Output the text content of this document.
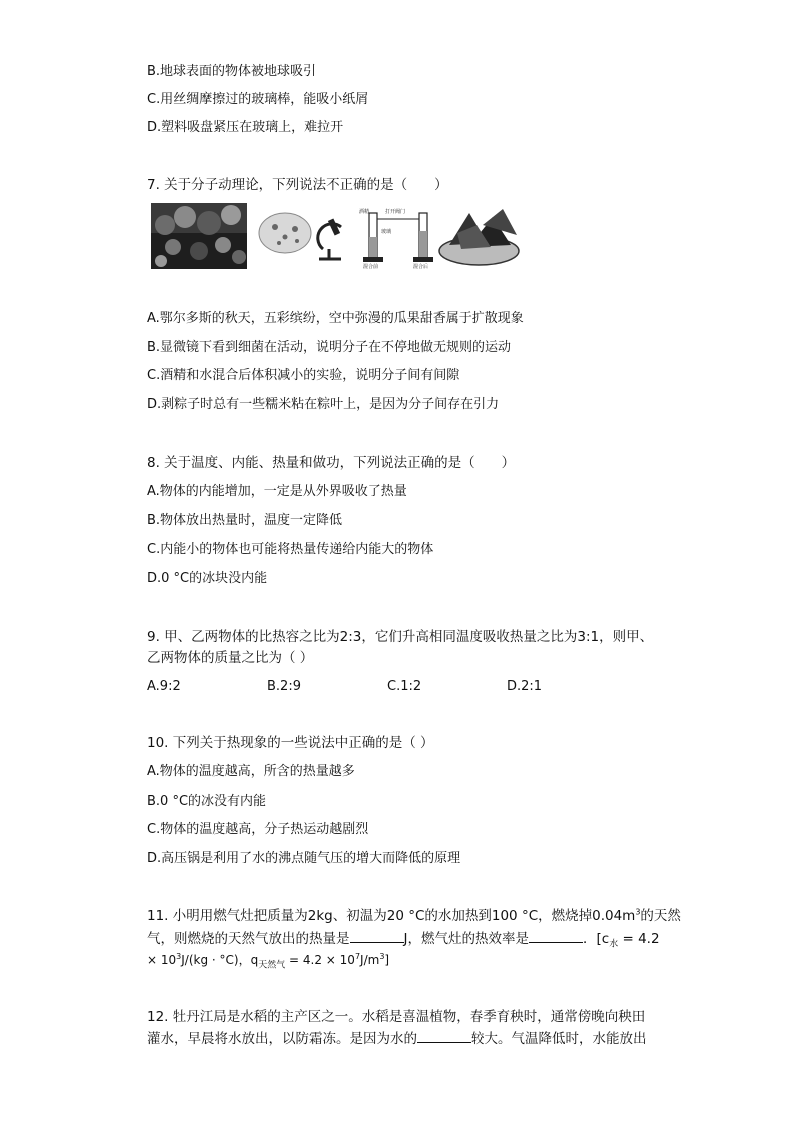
B.地球表面的物体被地球吸引
C.用丝绸摩擦过的玻璃棒，能吸小纸屑
D.塑料吸盘紧压在玻璃上，难拉开
7. 关于分子动理论，下列说法不正确的是（　　）
酒精	打开阀门
玻璃
混合前	混合后
A.鄂尔多斯的秋天，五彩缤纷，空中弥漫的瓜果甜香属于扩散现象
B.显微镜下看到细菌在活动，说明分子在不停地做无规则的运动
C.酒精和水混合后体积减小的实验，说明分子间有间隙
D.剥粽子时总有一些糯米粘在粽叶上，是因为分子间存在引力
8. 关于温度、内能、热量和做功，下列说法正确的是（　　）
A.物体的内能增加，一定是从外界吸收了热量
B.物体放出热量时，温度一定降低
C.内能小的物体也可能将热量传递给内能大的物体
D.0 °C的冰块没内能
9. 甲、乙两物体的比热容之比为2:3，它们升高相同温度吸收热量之比为3:1，则甲、
乙两物体的质量之比为（ ）
A.9:2	B.2:9	C.1:2	D.2:1
10. 下列关于热现象的一些说法中正确的是（ ）
A.物体的温度越高，所含的热量越多
B.0 °C的冰没有内能
C.物体的温度越高，分子热运动越剧烈
D.高压锅是利用了水的沸点随气压的增大而降低的原理
11. 小明用燃气灶把质量为2kg、初温为20 °C的水加热到100 °C，燃烧掉$0.04m^3$的天然
气，则燃烧的天然气放出的热量是	J，燃气灶的热效率是	．[$c_水 = 4.2$
× $10^3J/(kg \cdot ^\circ C)$，$q_{天然气} = 4.2 \times 10^7J/m^3$]
12. 牡丹江局是水稻的主产区之一。水稻是喜温植物，春季育秧时，通常傍晚向秧田
灌水，早晨将水放出，以防霜冻。是因为水的	较大。气温降低时，水能放出
